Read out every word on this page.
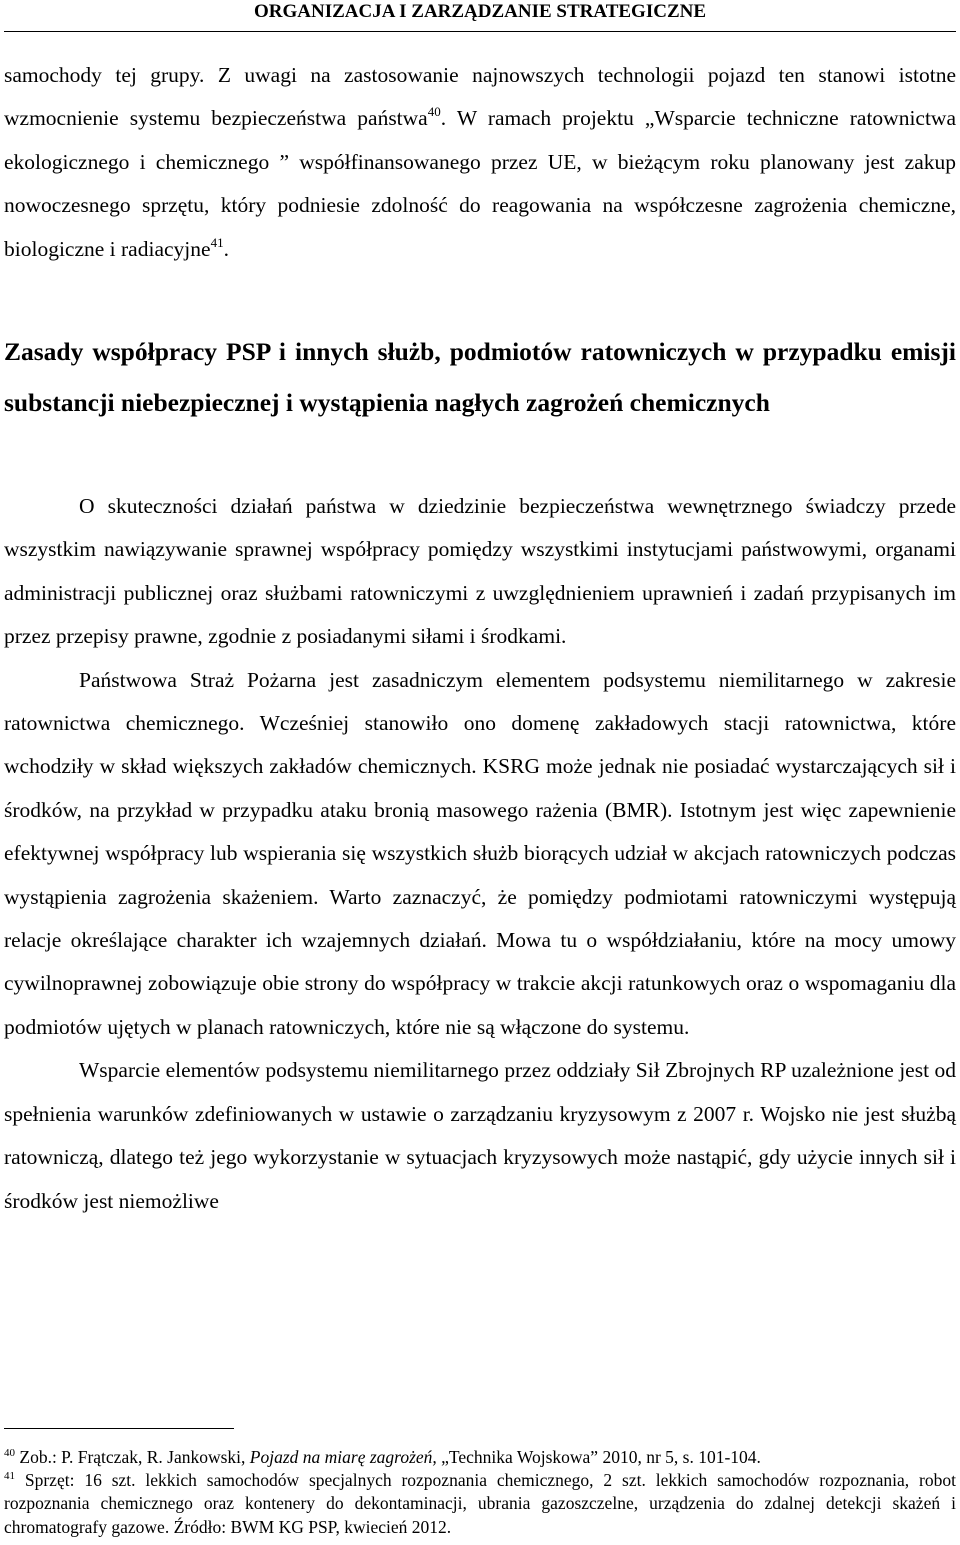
ORGANIZACJA I ZARZĄDZANIE STRATEGICZNE

samochody tej grupy. Z uwagi na zastosowanie najnowszych technologii pojazd ten stanowi istotne wzmocnienie systemu bezpieczeństwa państwa$^{40}$. W ramach projektu „Wsparcie techniczne ratownictwa ekologicznego i chemicznego ” współfinansowanego przez UE, w bieżącym roku planowany jest zakup nowoczesnego sprzętu, który podniesie zdolność do reagowania na współczesne zagrożenia chemiczne, biologiczne i radiacyjne$^{41}$.

Zasady współpracy PSP i innych służb, podmiotów ratowniczych w przypadku emisji substancji niebezpiecznej i wystąpienia nagłych zagrożeń chemicznych

O skuteczności działań państwa w dziedzinie bezpieczeństwa wewnętrznego świadczy przede wszystkim nawiązywanie sprawnej współpracy pomiędzy wszystkimi instytucjami państwowymi, organami administracji publicznej oraz służbami ratowniczymi z uwzględnieniem uprawnień i zadań przypisanych im przez przepisy prawne, zgodnie z posiadanymi siłami i środkami.

Państwowa Straż Pożarna jest zasadniczym elementem podsystemu niemilitarnego w zakresie ratownictwa chemicznego. Wcześniej stanowiło ono domenę zakładowych stacji ratownictwa, które wchodziły w skład większych zakładów chemicznych. KSRG może jednak nie posiadać wystarczających sił i środków, na przykład w przypadku ataku bronią masowego rażenia (BMR). Istotnym jest więc zapewnienie efektywnej współpracy lub wspierania się wszystkich służb biorących udział w akcjach ratowniczych podczas wystąpienia zagrożenia skażeniem. Warto zaznaczyć, że pomiędzy podmiotami ratowniczymi występują relacje określające charakter ich wzajemnych działań. Mowa tu o współdziałaniu, które na mocy umowy cywilnoprawnej zobowiązuje obie strony do współpracy w trakcie akcji ratunkowych oraz o wspomaganiu dla podmiotów ujętych w planach ratowniczych, które nie są włączone do systemu.

Wsparcie elementów podsystemu niemilitarnego przez oddziały Sił Zbrojnych RP uzależnione jest od spełnienia warunków zdefiniowanych w ustawie o zarządzaniu kryzysowym z 2007 r. Wojsko nie jest służbą ratowniczą, dlatego też jego wykorzystanie w sytuacjach kryzysowych może nastąpić, gdy użycie innych sił i środków jest niemożliwe

$^{40}$ Zob.: P. Frątczak, R. Jankowski, Pojazd na miarę zagrożeń, „Technika Wojskowa” 2010, nr 5, s. 101-104.

$^{41}$ Sprzęt: 16 szt. lekkich samochodów specjalnych rozpoznania chemicznego, 2 szt. lekkich samochodów rozpoznania, robot rozpoznania chemicznego oraz kontenery do dekontaminacji, ubrania gazoszczelne, urządzenia do zdalnej detekcji skażeń i chromatografy gazowe. Źródło: BWM KG PSP, kwiecień 2012.
